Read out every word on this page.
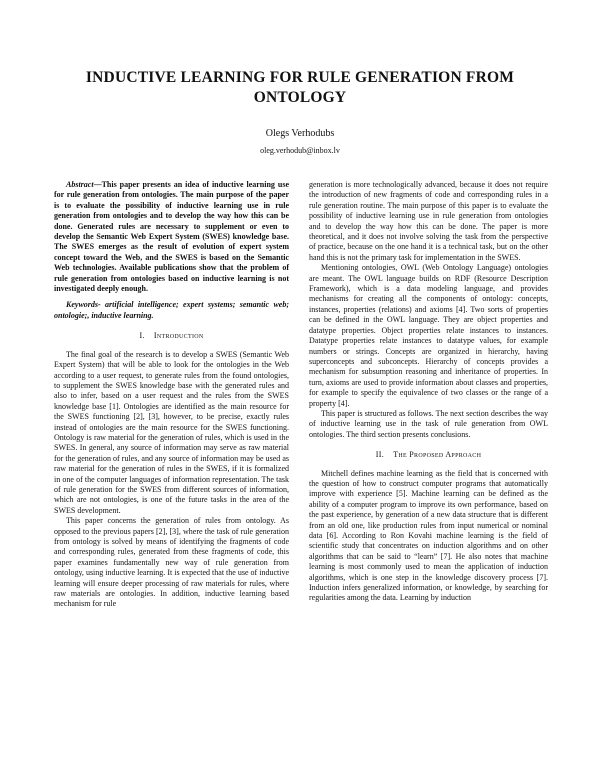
INDUCTIVE LEARNING FOR RULE GENERATION FROM ONTOLOGY
Olegs Verhodubs
oleg.verhodub@inbox.lv

Abstract—This paper presents an idea of inductive learning use for rule generation from ontologies. The main purpose of the paper is to evaluate the possibility of inductive learning use in rule generation from ontologies and to develop the way how this can be done. Generated rules are necessary to supplement or even to develop the Semantic Web Expert System (SWES) knowledge base. The SWES emerges as the result of evolution of expert system concept toward the Web, and the SWES is based on the Semantic Web technologies. Available publications show that the problem of rule generation from ontologies based on inductive learning is not investigated deeply enough.

Keywords- artificial intelligence; expert systems; semantic web; ontologie;, inductive learning.

I. Introduction

The final goal of the research is to develop a SWES (Semantic Web Expert System) that will be able to look for the ontologies in the Web according to a user request, to generate rules from the found ontologies, to supplement the SWES knowledge base with the generated rules and also to infer, based on a user request and the rules from the SWES knowledge base [1]. Ontologies are identified as the main resource for the SWES functioning [2], [3], however, to be precise, exactly rules instead of ontologies are the main resource for the SWES functioning. Ontology is raw material for the generation of rules, which is used in the SWES. In general, any source of information may serve as raw material for the generation of rules, and any source of information may be used as raw material for the generation of rules in the SWES, if it is formalized in one of the computer languages of information representation. The task of rule generation for the SWES from different sources of information, which are not ontologies, is one of the future tasks in the area of the SWES development.

This paper concerns the generation of rules from ontology. As opposed to the previous papers [2], [3], where the task of rule generation from ontology is solved by means of identifying the fragments of code and corresponding rules, generated from these fragments of code, this paper examines fundamentally new way of rule generation from ontology, using inductive learning. It is expected that the use of inductive learning will ensure deeper processing of raw materials for rules, where raw materials are ontologies. In addition, inductive learning based mechanism for rule

generation is more technologically advanced, because it does not require the introduction of new fragments of code and corresponding rules in a rule generation routine. The main purpose of this paper is to evaluate the possibility of inductive learning use in rule generation from ontologies and to develop the way how this can be done. The paper is more theoretical, and it does not involve solving the task from the perspective of practice, because on the one hand it is a technical task, but on the other hand this is not the primary task for implementation in the SWES.

Mentioning ontologies, OWL (Web Ontology Language) ontologies are meant. The OWL language builds on RDF (Resource Description Framework), which is a data modeling language, and provides mechanisms for creating all the components of ontology: concepts, instances, properties (relations) and axioms [4]. Two sorts of properties can be defined in the OWL language. They are object properties and datatype properties. Object properties relate instances to instances. Datatype properties relate instances to datatype values, for example numbers or strings. Concepts are organized in hierarchy, having superconcepts and subconcepts. Hierarchy of concepts provides a mechanism for subsumption reasoning and inheritance of properties. In turn, axioms are used to provide information about classes and properties, for example to specify the equivalence of two classes or the range of a property [4].

This paper is structured as follows. The next section describes the way of inductive learning use in the task of rule generation from OWL ontologies. The third section presents conclusions.

II. The Proposed Approach

Mitchell defines machine learning as the field that is concerned with the question of how to construct computer programs that automatically improve with experience [5]. Machine learning can be defined as the ability of a computer program to improve its own performance, based on the past experience, by generation of a new data structure that is different from an old one, like production rules from input numerical or nominal data [6]. According to Ron Kovahi machine learning is the field of scientific study that concentrates on induction algorithms and on other algorithms that can be said to “learn” [7]. He also notes that machine learning is most commonly used to mean the application of induction algorithms, which is one step in the knowledge discovery process [7]. Induction infers generalized information, or knowledge, by searching for regularities among the data. Learning by induction
